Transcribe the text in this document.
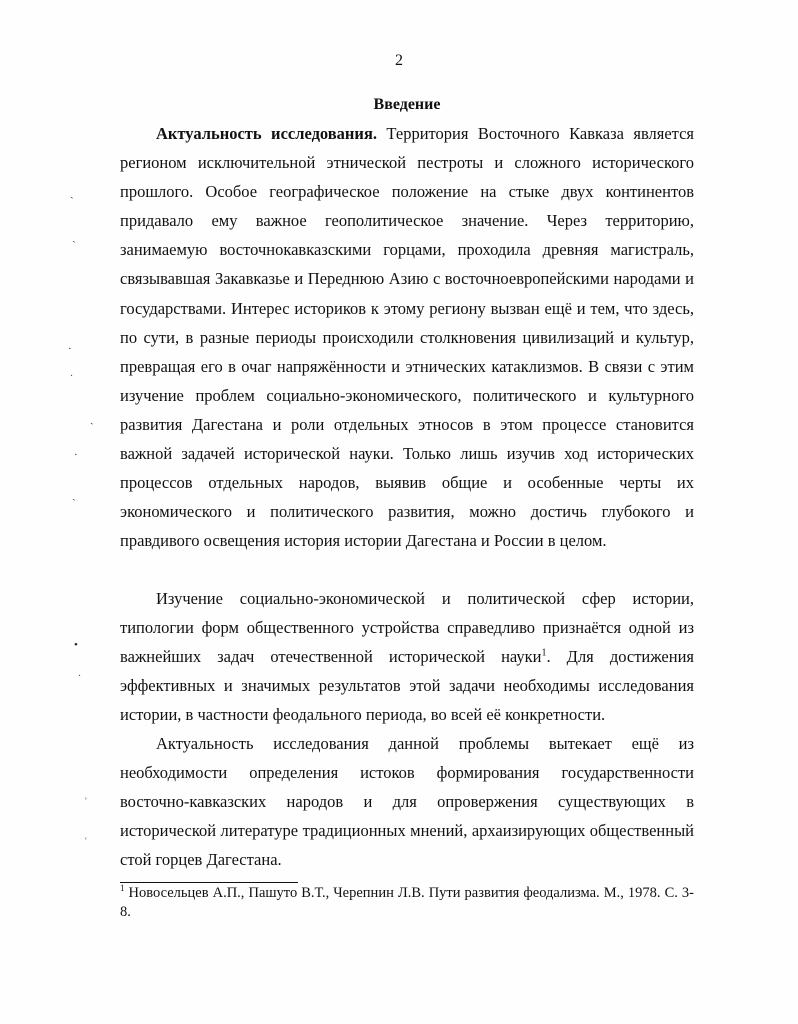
2
Введение

Актуальность исследования. Территория Восточного Кавказа является регионом исключительной этнической пестроты и сложного исторического прошлого. Особое географическое положение на стыке двух континентов придавало ему важное геополитическое значение. Через территорию, занимаемую восточнокавказскими горцами, проходила древняя магистраль, связывавшая Закавказье и Переднюю Азию с восточноевропейскими народами и государствами. Интерес историков к этому региону вызван ещё и тем, что здесь, по сути, в разные периоды происходили столкновения цивилизаций и культур, превращая его в очаг напряжённости и этнических катаклизмов. В связи с этим изучение проблем социально-экономического, политического и культурного развития Дагестана и роли отдельных этносов в этом процессе становится важной задачей исторической науки. Только лишь изучив ход исторических процессов отдельных народов, выявив общие и особенные черты их экономического и политического развития, можно достичь глубокого и правдивого освещения история истории Дагестана и России в целом.

Изучение социально-экономической и политической сфер истории, типологии форм общественного устройства справедливо признаётся одной из важнейших задач отечественной исторической науки$^1$. Для достижения эффективных и значимых результатов этой задачи необходимы исследования истории, в частности феодального периода, во всей её конкретности.

Актуальность исследования данной проблемы вытекает ещё из необходимости определения истоков формирования государственности восточно-кавказских народов и для опровержения существующих в исторической литературе традиционных мнений, архаизирующих общественный стой горцев Дагестана.

$^1$ Новосельцев А.П., Пашуто В.Т., Черепнин Л.В. Пути развития феодализма. М., 1978. С. 3-8.

ˎ
ˎ
·
ˑ
ˎ
·
ˎ
•
ˑ
˒
˓
